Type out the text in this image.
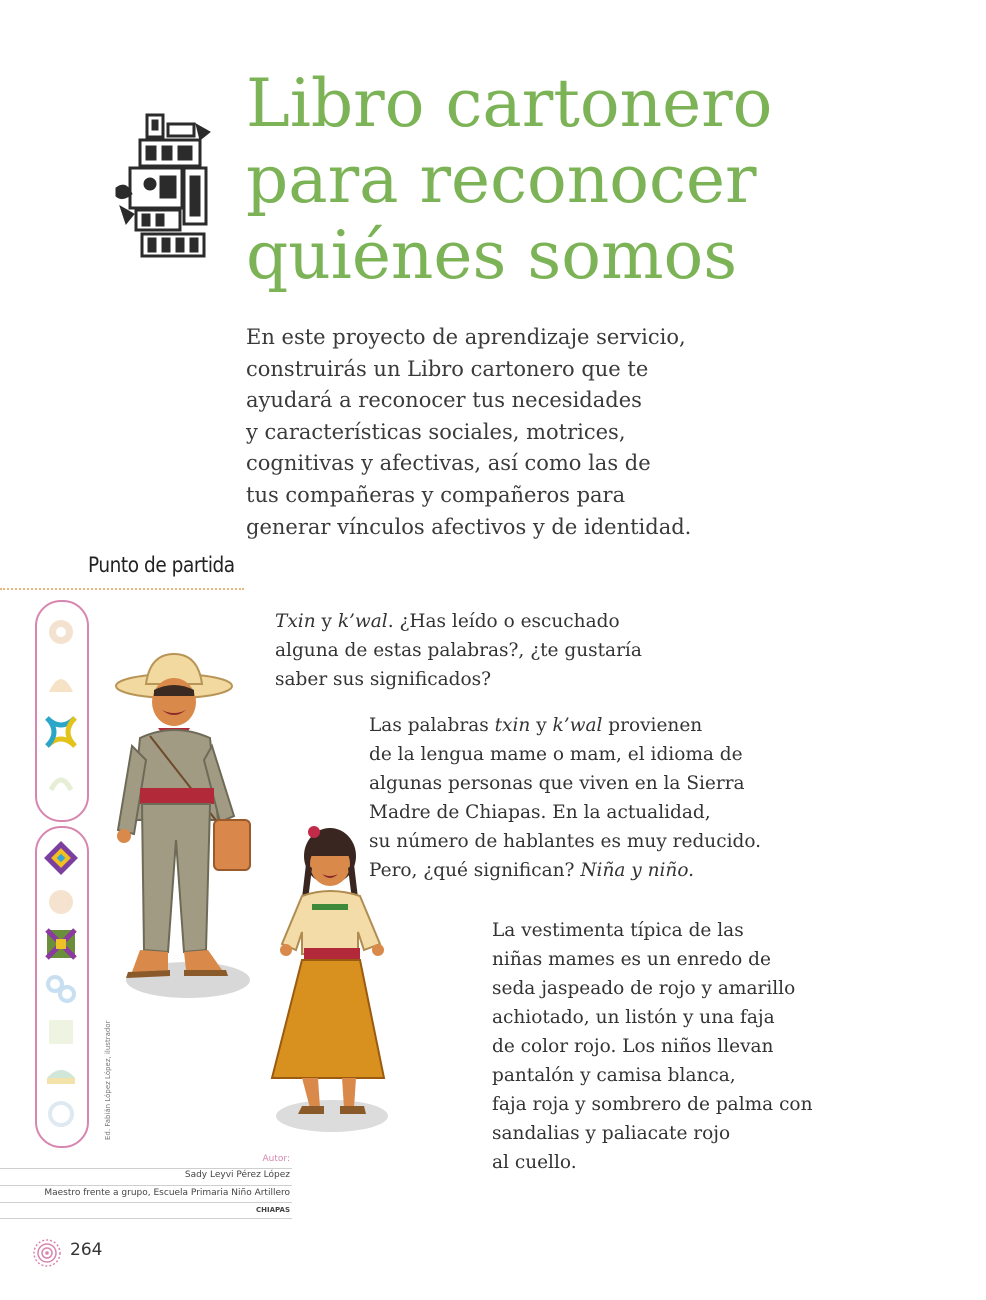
Libro cartonero
para reconocer
quiénes somos
En este proyecto de aprendizaje servicio,
construirás un Libro cartonero que te
ayudará a reconocer tus necesidades
y características sociales, motrices,
cognitivas y afectivas, así como las de
tus compañeras y compañeros para
generar vínculos afectivos y de identidad.
Punto de partida
Ed. Fabián López López, ilustrador
Txin y k’wal. ¿Has leído o escuchado
alguna de estas palabras?, ¿te gustaría
saber sus significados?
Las palabras txin y k’wal provienen
de la lengua mame o mam, el idioma de
algunas personas que viven en la Sierra
Madre de Chiapas. En la actualidad,
su número de hablantes es muy reducido.
Pero, ¿qué significan? Niña y niño.
La vestimenta típica de las
niñas mames es un enredo de
seda jaspeado de rojo y amarillo
achiotado, un listón y una faja
de color rojo. Los niños llevan
pantalón y camisa blanca,
faja roja y sombrero de palma con
sandalias y paliacate rojo
al cuello.
Autor:
Sady Leyvi Pérez López
Maestro frente a grupo, Escuela Primaria Niño Artillero
CHIAPAS
264
